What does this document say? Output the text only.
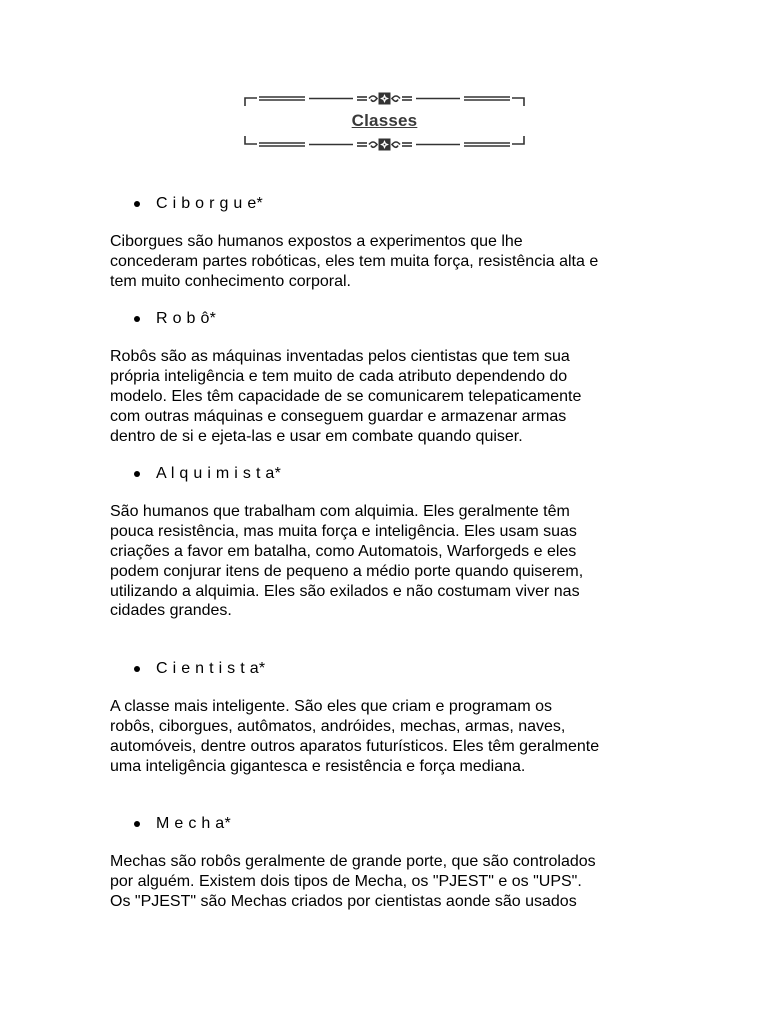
Classes
C i b o r g u e*

Ciborgues são humanos expostos a experimentos que lhe
concederam partes robóticas, eles tem muita força, resistência alta e
tem muito conhecimento corporal.

R o b ô*

Robôs são as máquinas inventadas pelos cientistas que tem sua
própria inteligência e tem muito de cada atributo dependendo do
modelo. Eles têm capacidade de se comunicarem telepaticamente
com outras máquinas e conseguem guardar e armazenar armas
dentro de si e ejeta-las e usar em combate quando quiser.

A l q u i m i s t a*

São humanos que trabalham com alquimia. Eles geralmente têm
pouca resistência, mas muita força e inteligência. Eles usam suas
criações a favor em batalha, como Automatois, Warforgeds e eles
podem conjurar itens de pequeno a médio porte quando quiserem,
utilizando a alquimia. Eles são exilados e não costumam viver nas
cidades grandes.

C i e n t i s t a*

A classe mais inteligente. São eles que criam e programam os
robôs, ciborgues, autômatos, andróides, mechas, armas, naves,
automóveis, dentre outros aparatos futurísticos. Eles têm geralmente
uma inteligência gigantesca e resistência e força mediana.

M e c h a*

Mechas são robôs geralmente de grande porte, que são controlados
por alguém. Existem dois tipos de Mecha, os "PJEST" e os "UPS".
Os "PJEST" são Mechas criados por cientistas aonde são usados
